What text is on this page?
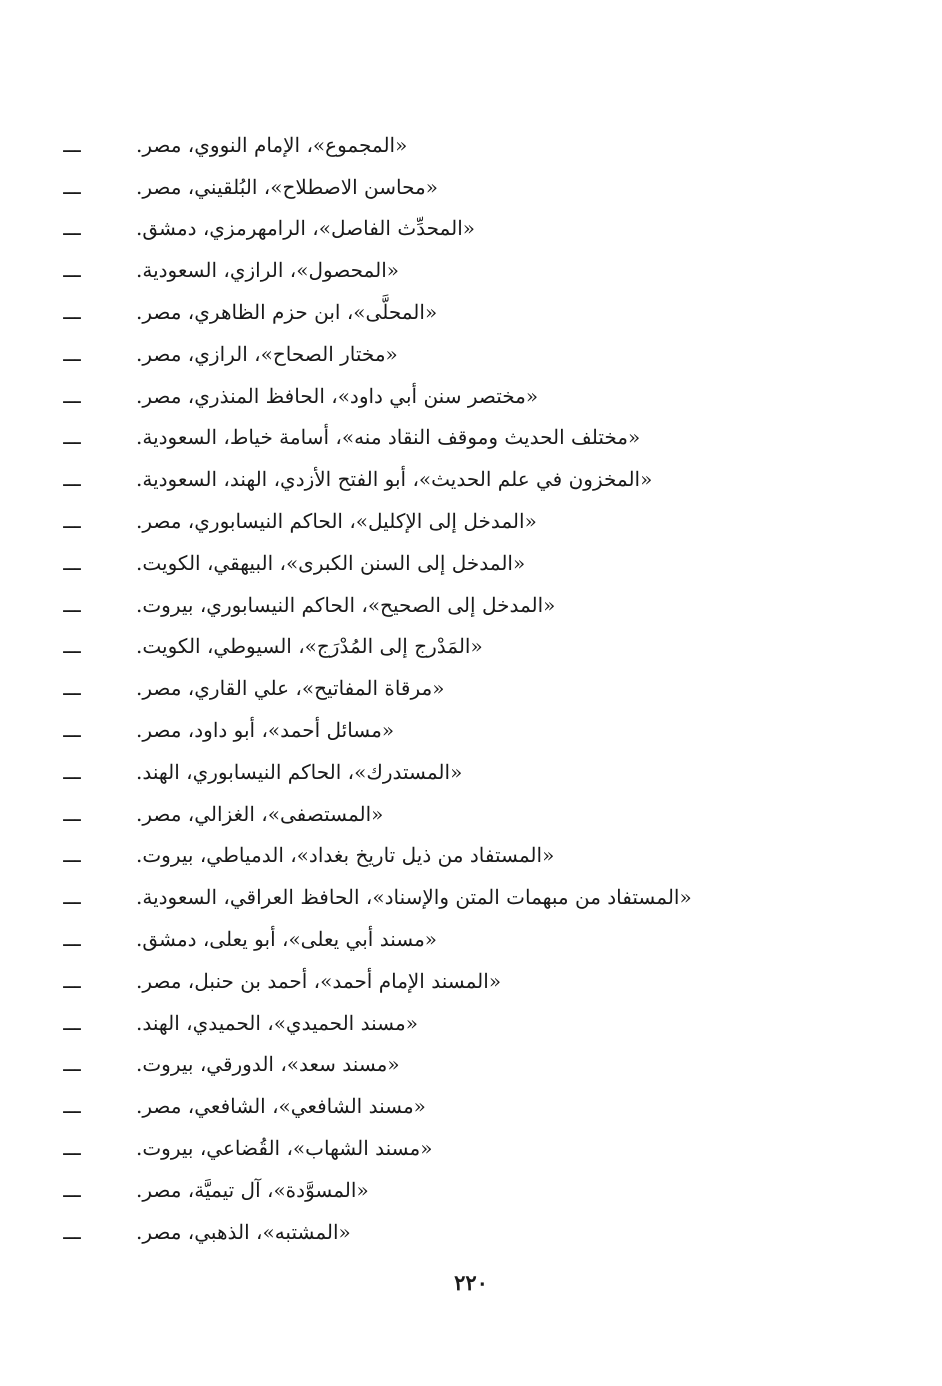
ـــ	«المجموع»، الإمام النووي، مصر.
ـــ	«محاسن الاصطلاح»، البُلقيني، مصر.
ـــ	«المحدِّث الفاصل»، الرامهرمزي، دمشق.
ـــ	«المحصول»، الرازي، السعودية.
ـــ	«المحلَّى»، ابن حزم الظاهري، مصر.
ـــ	«مختار الصحاح»، الرازي، مصر.
ـــ	«مختصر سنن أبي داود»، الحافظ المنذري، مصر.
ـــ	«مختلف الحديث وموقف النقاد منه»، أسامة خياط، السعودية.
ـــ	«المخزون في علم الحديث»، أبو الفتح الأزدي، الهند، السعودية.
ـــ	«المدخل إلى الإكليل»، الحاكم النيسابوري، مصر.
ـــ	«المدخل إلى السنن الكبرى»، البيهقي، الكويت.
ـــ	«المدخل إلى الصحيح»، الحاكم النيسابوري، بيروت.
ـــ	«المَدْرج إلى المُدْرَج»، السيوطي، الكويت.
ـــ	«مرقاة المفاتيح»، علي القاري، مصر.
ـــ	«مسائل أحمد»، أبو داود، مصر.
ـــ	«المستدرك»، الحاكم النيسابوري، الهند.
ـــ	«المستصفى»، الغزالي، مصر.
ـــ	«المستفاد من ذيل تاريخ بغداد»، الدمياطي، بيروت.
ـــ	«المستفاد من مبهمات المتن والإسناد»، الحافظ العراقي، السعودية.
ـــ	«مسند أبي يعلى»، أبو يعلى، دمشق.
ـــ	«المسند الإمام أحمد»، أحمد بن حنبل، مصر.
ـــ	«مسند الحميدي»، الحميدي، الهند.
ـــ	«مسند سعد»، الدورقي، بيروت.
ـــ	«مسند الشافعي»، الشافعي، مصر.
ـــ	«مسند الشهاب»، القُضاعي، بيروت.
ـــ	«المسوَّدة»، آل تيميَّة، مصر.
ـــ	«المشتبه»، الذهبي، مصر.
٢٢٠
